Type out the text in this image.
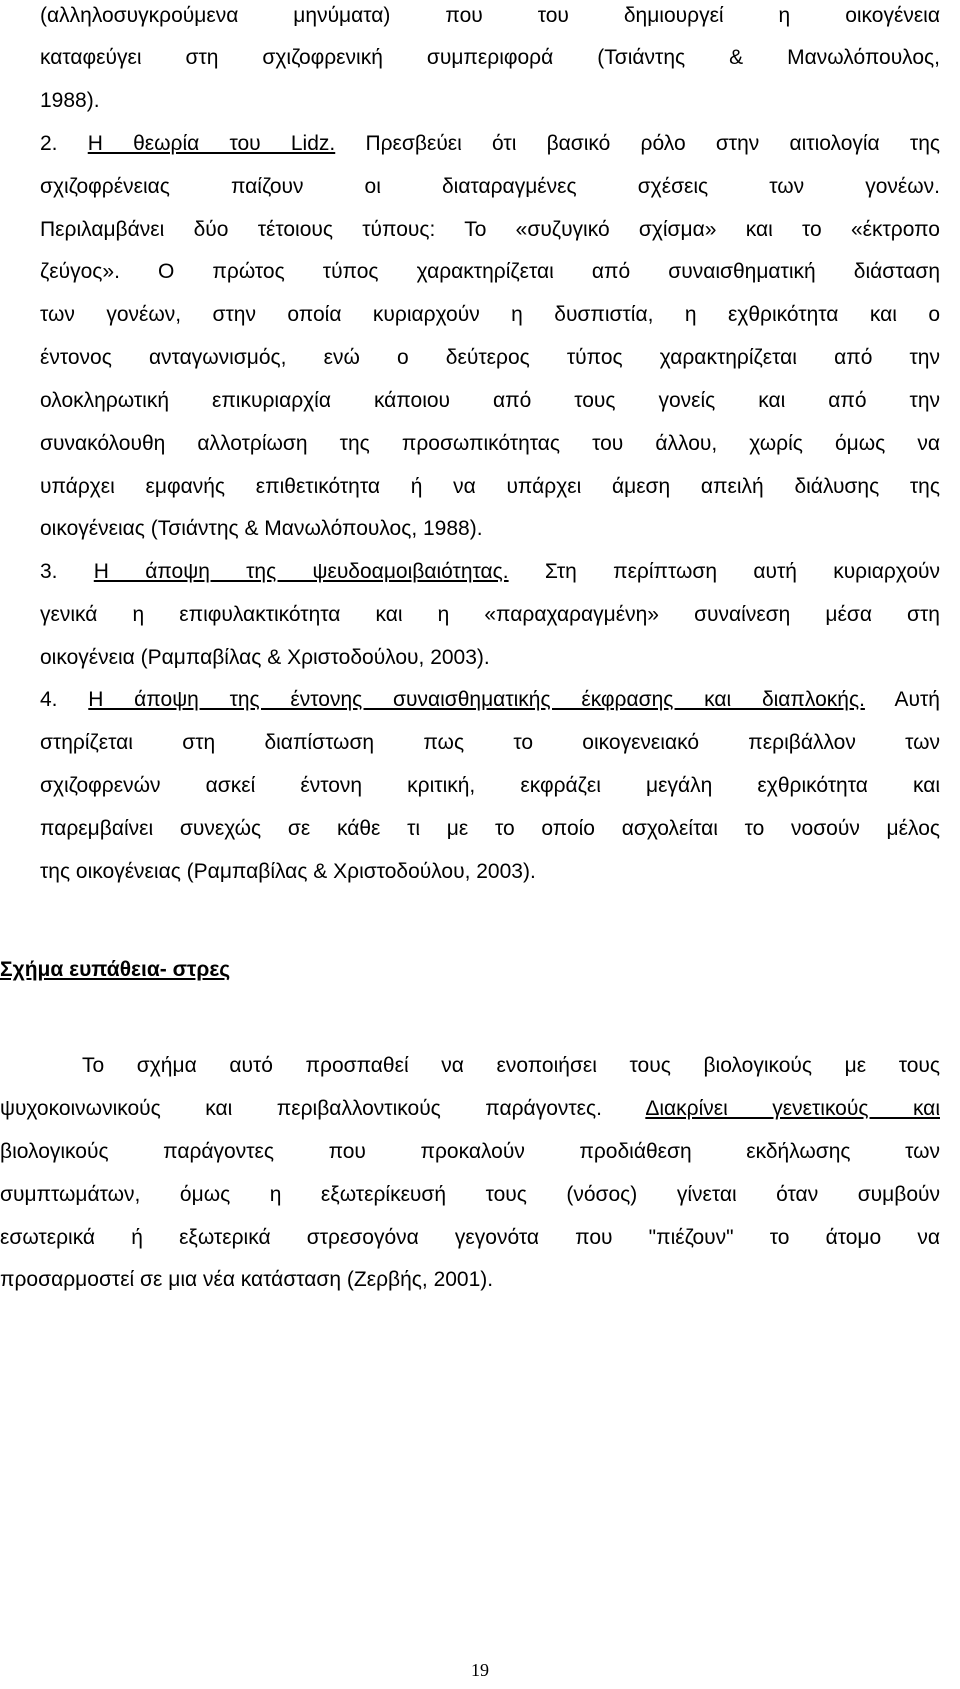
(αλληλοσυγκρούμενα μηνύματα) που του δημιουργεί η οικογένεια
καταφεύγει στη σχιζοφρενική συμπεριφορά (Τσιάντης & Μανωλόπουλος,
1988).
2. Η θεωρία του Lidz. Πρεσβεύει ότι βασικό ρόλο στην αιτιολογία της
σχιζοφρένειας παίζουν οι διαταραγμένες σχέσεις των γονέων.
Περιλαμβάνει δύο τέτοιους τύπους: Το «συζυγικό σχίσμα» και το «έκτροπο
ζεύγος». Ο πρώτος τύπος χαρακτηρίζεται από συναισθηματική διάσταση
των γονέων, στην οποία κυριαρχούν η δυσπιστία, η εχθρικότητα και ο
έντονος ανταγωνισμός, ενώ ο δεύτερος τύπος χαρακτηρίζεται από την
ολοκληρωτική επικυριαρχία κάποιου από τους γονείς και από την
συνακόλουθη αλλοτρίωση της προσωπικότητας του άλλου, χωρίς όμως να
υπάρχει εμφανής επιθετικότητα ή να υπάρχει άμεση απειλή διάλυσης της
οικογένειας (Τσιάντης & Μανωλόπουλος, 1988).
3. Η άποψη της ψευδοαμοιβαιότητας. Στη περίπτωση αυτή κυριαρχούν
γενικά η επιφυλακτικότητα και η «παραχαραγμένη» συναίνεση μέσα στη
οικογένεια (Ραμπαβίλας & Χριστοδούλου, 2003).
4. Η άποψη της έντονης συναισθηματικής έκφρασης και διαπλοκής. Αυτή
στηρίζεται στη διαπίστωση πως το οικογενειακό περιβάλλον των
σχιζοφρενών ασκεί έντονη κριτική, εκφράζει μεγάλη εχθρικότητα και
παρεμβαίνει συνεχώς σε κάθε τι με το οποίο ασχολείται το νοσούν μέλος
της οικογένειας (Ραμπαβίλας & Χριστοδούλου, 2003).
Σχήμα ευπάθεια- στρες
Το σχήμα αυτό προσπαθεί να ενοποιήσει τους βιολογικούς με τους
ψυχοκοινωνικούς και περιβαλλοντικούς παράγοντες. Διακρίνει γενετικούς και
βιολογικούς παράγοντες που προκαλούν προδιάθεση εκδήλωσης των
συμπτωμάτων, όμως η εξωτερίκευσή τους (νόσος) γίνεται όταν συμβούν
εσωτερικά ή εξωτερικά στρεσογόνα γεγονότα που "πιέζουν" το άτομο να
προσαρμοστεί σε μια νέα κατάσταση (Ζερβής, 2001).
19
